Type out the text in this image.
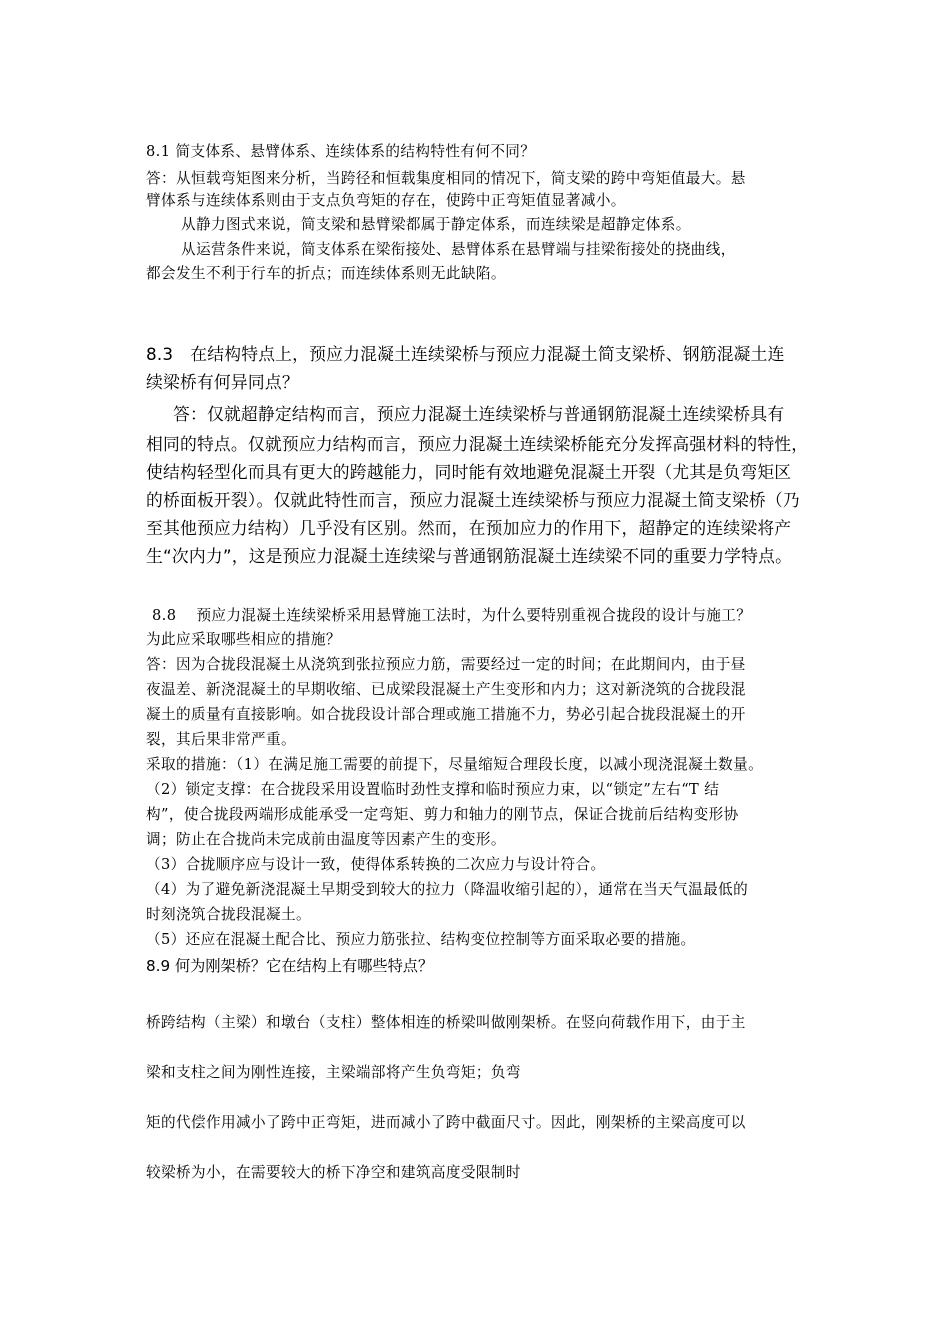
8.1 简支体系、悬臂体系、连续体系的结构特性有何不同？

答：从恒载弯矩图来分析，当跨径和恒载集度相同的情况下，简支梁的跨中弯矩值最大。悬

臂体系与连续体系则由于支点负弯矩的存在，使跨中正弯矩值显著减小。

从静力图式来说，简支梁和悬臂梁都属于静定体系，而连续梁是超静定体系。

从运营条件来说，简支体系在梁衔接处、悬臂体系在悬臂端与挂梁衔接处的挠曲线，

都会发生不利于行车的折点；而连续体系则无此缺陷。

8.3　在结构特点上，预应力混凝土连续梁桥与预应力混凝土简支梁桥、钢筋混凝土连

续梁桥有何异同点？

答：仅就超静定结构而言，预应力混凝土连续梁桥与普通钢筋混凝土连续梁桥具有

相同的特点。仅就预应力结构而言，预应力混凝土连续梁桥能充分发挥高强材料的特性，

使结构轻型化而具有更大的跨越能力，同时能有效地避免混凝土开裂（尤其是负弯矩区

的桥面板开裂）。仅就此特性而言，预应力混凝土连续梁桥与预应力混凝土简支梁桥（乃

至其他预应力结构）几乎没有区别。然而，在预加应力的作用下，超静定的连续梁将产

生“次内力”，这是预应力混凝土连续梁与普通钢筋混凝土连续梁不同的重要力学特点。

8.8　 预应力混凝土连续梁桥采用悬臂施工法时，为什么要特别重视合拢段的设计与施工？

为此应采取哪些相应的措施？

答：因为合拢段混凝土从浇筑到张拉预应力筋，需要经过一定的时间；在此期间内，由于昼

夜温差、新浇混凝土的早期收缩、已成梁段混凝土产生变形和内力；这对新浇筑的合拢段混

凝土的质量有直接影响。如合拢段设计部合理或施工措施不力，势必引起合拢段混凝土的开

裂，其后果非常严重。

采取的措施：（1）在满足施工需要的前提下，尽量缩短合理段长度，以减小现浇混凝土数量。

（2）锁定支撑：在合拢段采用设置临时劲性支撑和临时预应力束，以“锁定”左右“T 结

构”，使合拢段两端形成能承受一定弯矩、剪力和轴力的刚节点，保证合拢前后结构变形协

调；防止在合拢尚未完成前由温度等因素产生的变形。

（3）合拢顺序应与设计一致，使得体系转换的二次应力与设计符合。

（4）为了避免新浇混凝土早期受到较大的拉力（降温收缩引起的），通常在当天气温最低的

时刻浇筑合拢段混凝土。

（5）还应在混凝土配合比、预应力筋张拉、结构变位控制等方面采取必要的措施。

8.9 何为刚架桥？它在结构上有哪些特点？

桥跨结构（主梁）和墩台（支柱）整体相连的桥梁叫做刚架桥。在竖向荷载作用下，由于主

梁和支柱之间为刚性连接，主梁端部将产生负弯矩；负弯

矩的代偿作用减小了跨中正弯矩，进而减小了跨中截面尺寸。因此，刚架桥的主梁高度可以

较梁桥为小，在需要较大的桥下净空和建筑高度受限制时
